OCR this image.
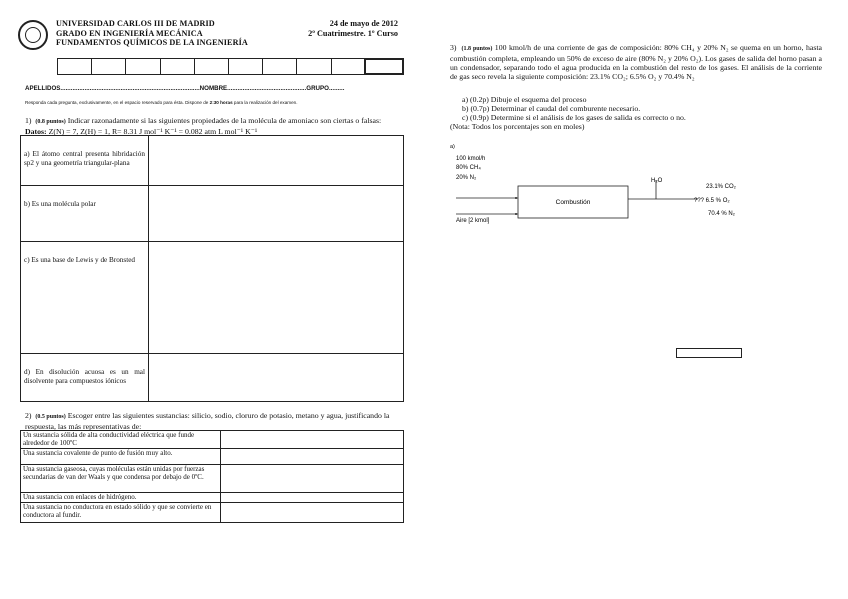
UNIVERSIDAD CARLOS III DE MADRID
GRADO EN INGENIERÍA MECÁNICA
FUNDAMENTOS QUÍMICOS DE LA INGENIERÍA
24 de mayo de 2012
2º Cuatrimestre. 1º Curso
APELLIDOS.................................................................................NOMBRE..............................................GRUPO.........
Responda cada pregunta, exclusivamente, en el espacio reservado para ésta. Dispone de 2:30 horas para la realización del examen.
1) (0.8 puntos) Indicar razonadamente si las siguientes propiedades de la molécula de amoniaco son ciertas o falsas: Datos: Z(N) = 7, Z(H) = 1, R= 8.31 J mol⁻¹ K⁻¹ = 0.082 atm L mol⁻¹ K⁻¹
a) El átomo central presenta hibridación sp2 y una geometría triangular-plana	
b) Es una molécula polar	
c) Es una base de Lewis y de Bronsted	
d) En disolución acuosa es un mal disolvente para compuestos iónicos	
2) (0.5 puntos) Escoger entre las siguientes sustancias: silicio, sodio, cloruro de potasio, metano y agua, justificando la respuesta, las más representativas de:
Un sustancia sólida de alta conductividad eléctrica que funde alrededor de 100ºC	
Una sustancia covalente de punto de fusión muy alto.	
Una sustancia gaseosa, cuyas moléculas están unidas por fuerzas secundarias de van der Waals y que condensa por debajo de 0ºC.	
Una sustancia con enlaces de hidrógeno.	
Una sustancia no conductora en estado sólido y que se convierte en conductora al fundir.	
3) (1.8 puntos) 100 kmol/h de una corriente de gas de composición: 80% CH₄ y 20% N₂ se quema en un horno, hasta combustión completa, empleando un 50% de exceso de aire (80% N₂ y 20% O₂). Los gases de salida del horno pasan a un condensador, separando todo el agua producida en la combustión del resto de los gases. El análisis de la corriente de gas seco revela la siguiente composición: 23.1% CO₂; 6.5% O₂ y 70.4% N₂
a) (0.2p) Dibuje el esquema del proceso
b) (0.7p) Determinar el caudal del comburente necesario.
c) (0.9p) Determine si el análisis de los gases de salida es correcto o no.
(Nota: Todos los porcentajes son en moles)
a)
100 kmol/h
80% CH₄
20% N₂
Aire [2 kmol]
Combustión
H₂O
23.1% CO₂
??? 6.5 % O₂
70.4 % N₂
